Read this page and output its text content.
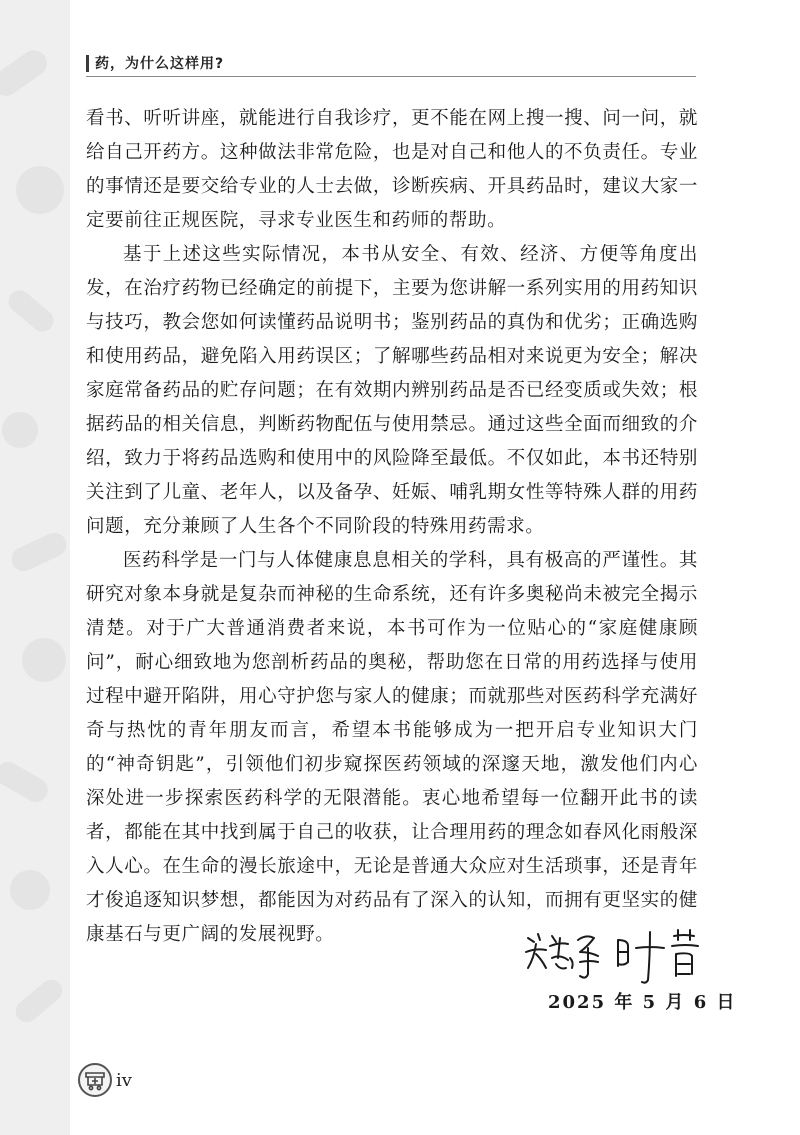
药，为什么这样用?

看书、听听讲座，就能进行自我诊疗，更不能在网上搜一搜、问一问，就给自己开药方。这种做法非常危险，也是对自己和他人的不负责任。专业的事情还是要交给专业的人士去做，诊断疾病、开具药品时，建议大家一定要前往正规医院，寻求专业医生和药师的帮助。

基于上述这些实际情况，本书从安全、有效、经济、方便等角度出发，在治疗药物已经确定的前提下，主要为您讲解一系列实用的用药知识与技巧，教会您如何读懂药品说明书；鉴别药品的真伪和优劣；正确选购和使用药品，避免陷入用药误区；了解哪些药品相对来说更为安全；解决家庭常备药品的贮存问题；在有效期内辨别药品是否已经变质或失效；根据药品的相关信息，判断药物配伍与使用禁忌。通过这些全面而细致的介绍，致力于将药品选购和使用中的风险降至最低。不仅如此，本书还特别关注到了儿童、老年人，以及备孕、妊娠、哺乳期女性等特殊人群的用药问题，充分兼顾了人生各个不同阶段的特殊用药需求。

医药科学是一门与人体健康息息相关的学科，具有极高的严谨性。其研究对象本身就是复杂而神秘的生命系统，还有许多奥秘尚未被完全揭示清楚。对于广大普通消费者来说，本书可作为一位贴心的“家庭健康顾问”，耐心细致地为您剖析药品的奥秘，帮助您在日常的用药选择与使用过程中避开陷阱，用心守护您与家人的健康；而就那些对医药科学充满好奇与热忱的青年朋友而言，希望本书能够成为一把开启专业知识大门的“神奇钥匙”，引领他们初步窥探医药领域的深邃天地，激发他们内心深处进一步探索医药科学的无限潜能。衷心地希望每一位翻开此书的读者，都能在其中找到属于自己的收获，让合理用药的理念如春风化雨般深入人心。在生命的漫长旅途中，无论是普通大众应对生活琐事，还是青年才俊追逐知识梦想，都能因为对药品有了深入的认知，而拥有更坚实的健康基石与更广阔的发展视野。

2025 年 5 月 6 日
iv
